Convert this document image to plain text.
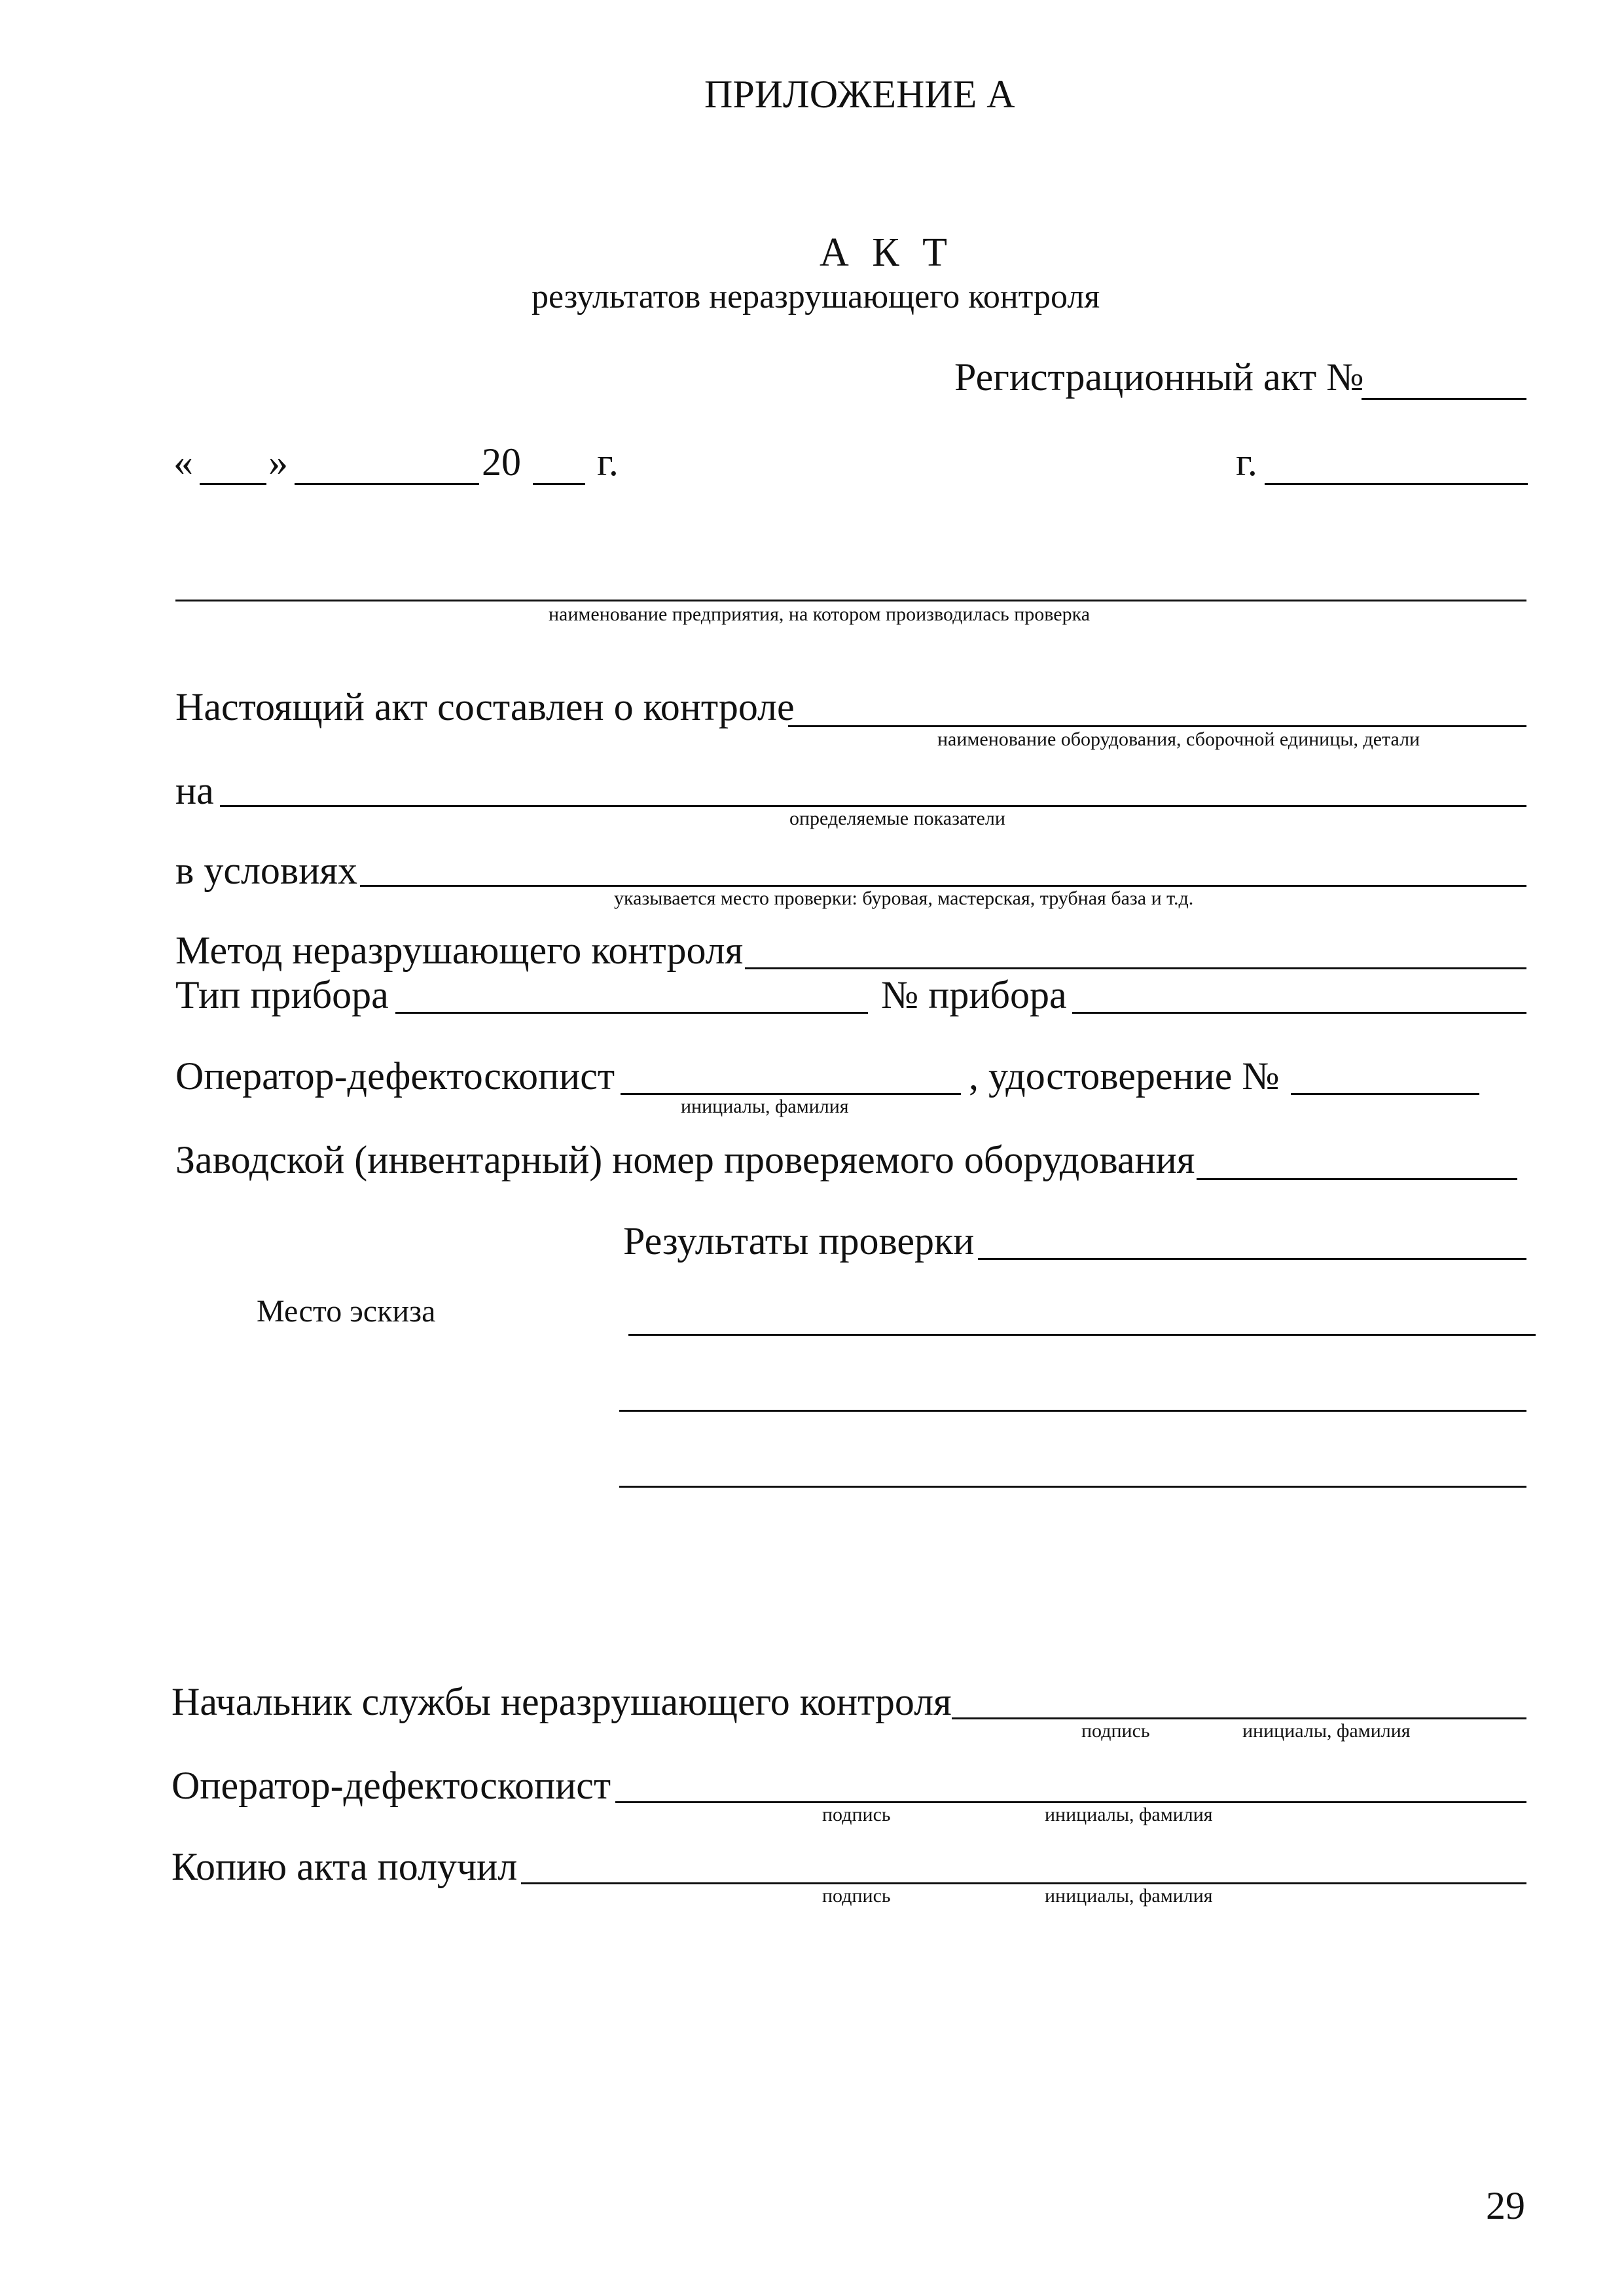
ПРИЛОЖЕНИЕ А
А К Т
результатов неразрушающего контроля
Регистрационный акт №
« »	20 г.	г.
наименование предприятия, на котором производилась проверка
Настоящий акт составлен о контроле
наименование оборудования, сборочной единицы, детали
на
определяемые показатели
в условиях
указывается место проверки: буровая, мастерская, трубная база и т.д.
Метод неразрушающего контроля
Тип прибора	№ прибора
Оператор-дефектоскопист
инициалы, фамилия
, удостоверение №
Заводской (инвентарный) номер проверяемого оборудования
Результаты проверки
Место эскиза
Начальник службы неразрушающего контроля
подпись	инициалы, фамилия
Оператор-дефектоскопист
подпись	инициалы, фамилия
Копию акта получил
подпись	инициалы, фамилия
29
